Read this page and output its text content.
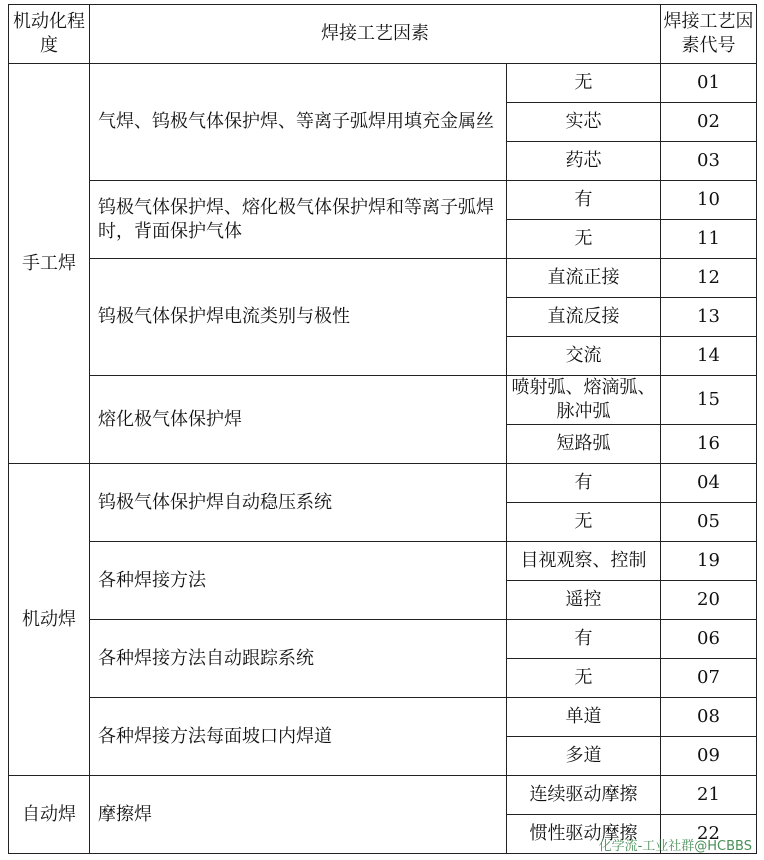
机动化程度	焊接工艺因素		焊接工艺因素代号
手工焊	气焊、钨极气体保护焊、等离子弧焊用填充金属丝	无	01
		实芯	02
		药芯	03
	钨极气体保护焊、熔化极气体保护焊和等离子弧焊时，背面保护气体	有	10
		无	11
	钨极气体保护焊电流类别与极性	直流正接	12
		直流反接	13
		交流	14
	熔化极气体保护焊	喷射弧、熔滴弧、脉冲弧	15
		短路弧	16
机动焊	钨极气体保护焊自动稳压系统	有	04
		无	05
	各种焊接方法	目视观察、控制	19
		遥控	20
	各种焊接方法自动跟踪系统	有	06
		无	07
	各种焊接方法每面坡口内焊道	单道	08
		多道	09
自动焊	摩擦焊	连续驱动摩擦	21
		惯性驱动摩擦	22
化学流-工业社群@HCBBS
